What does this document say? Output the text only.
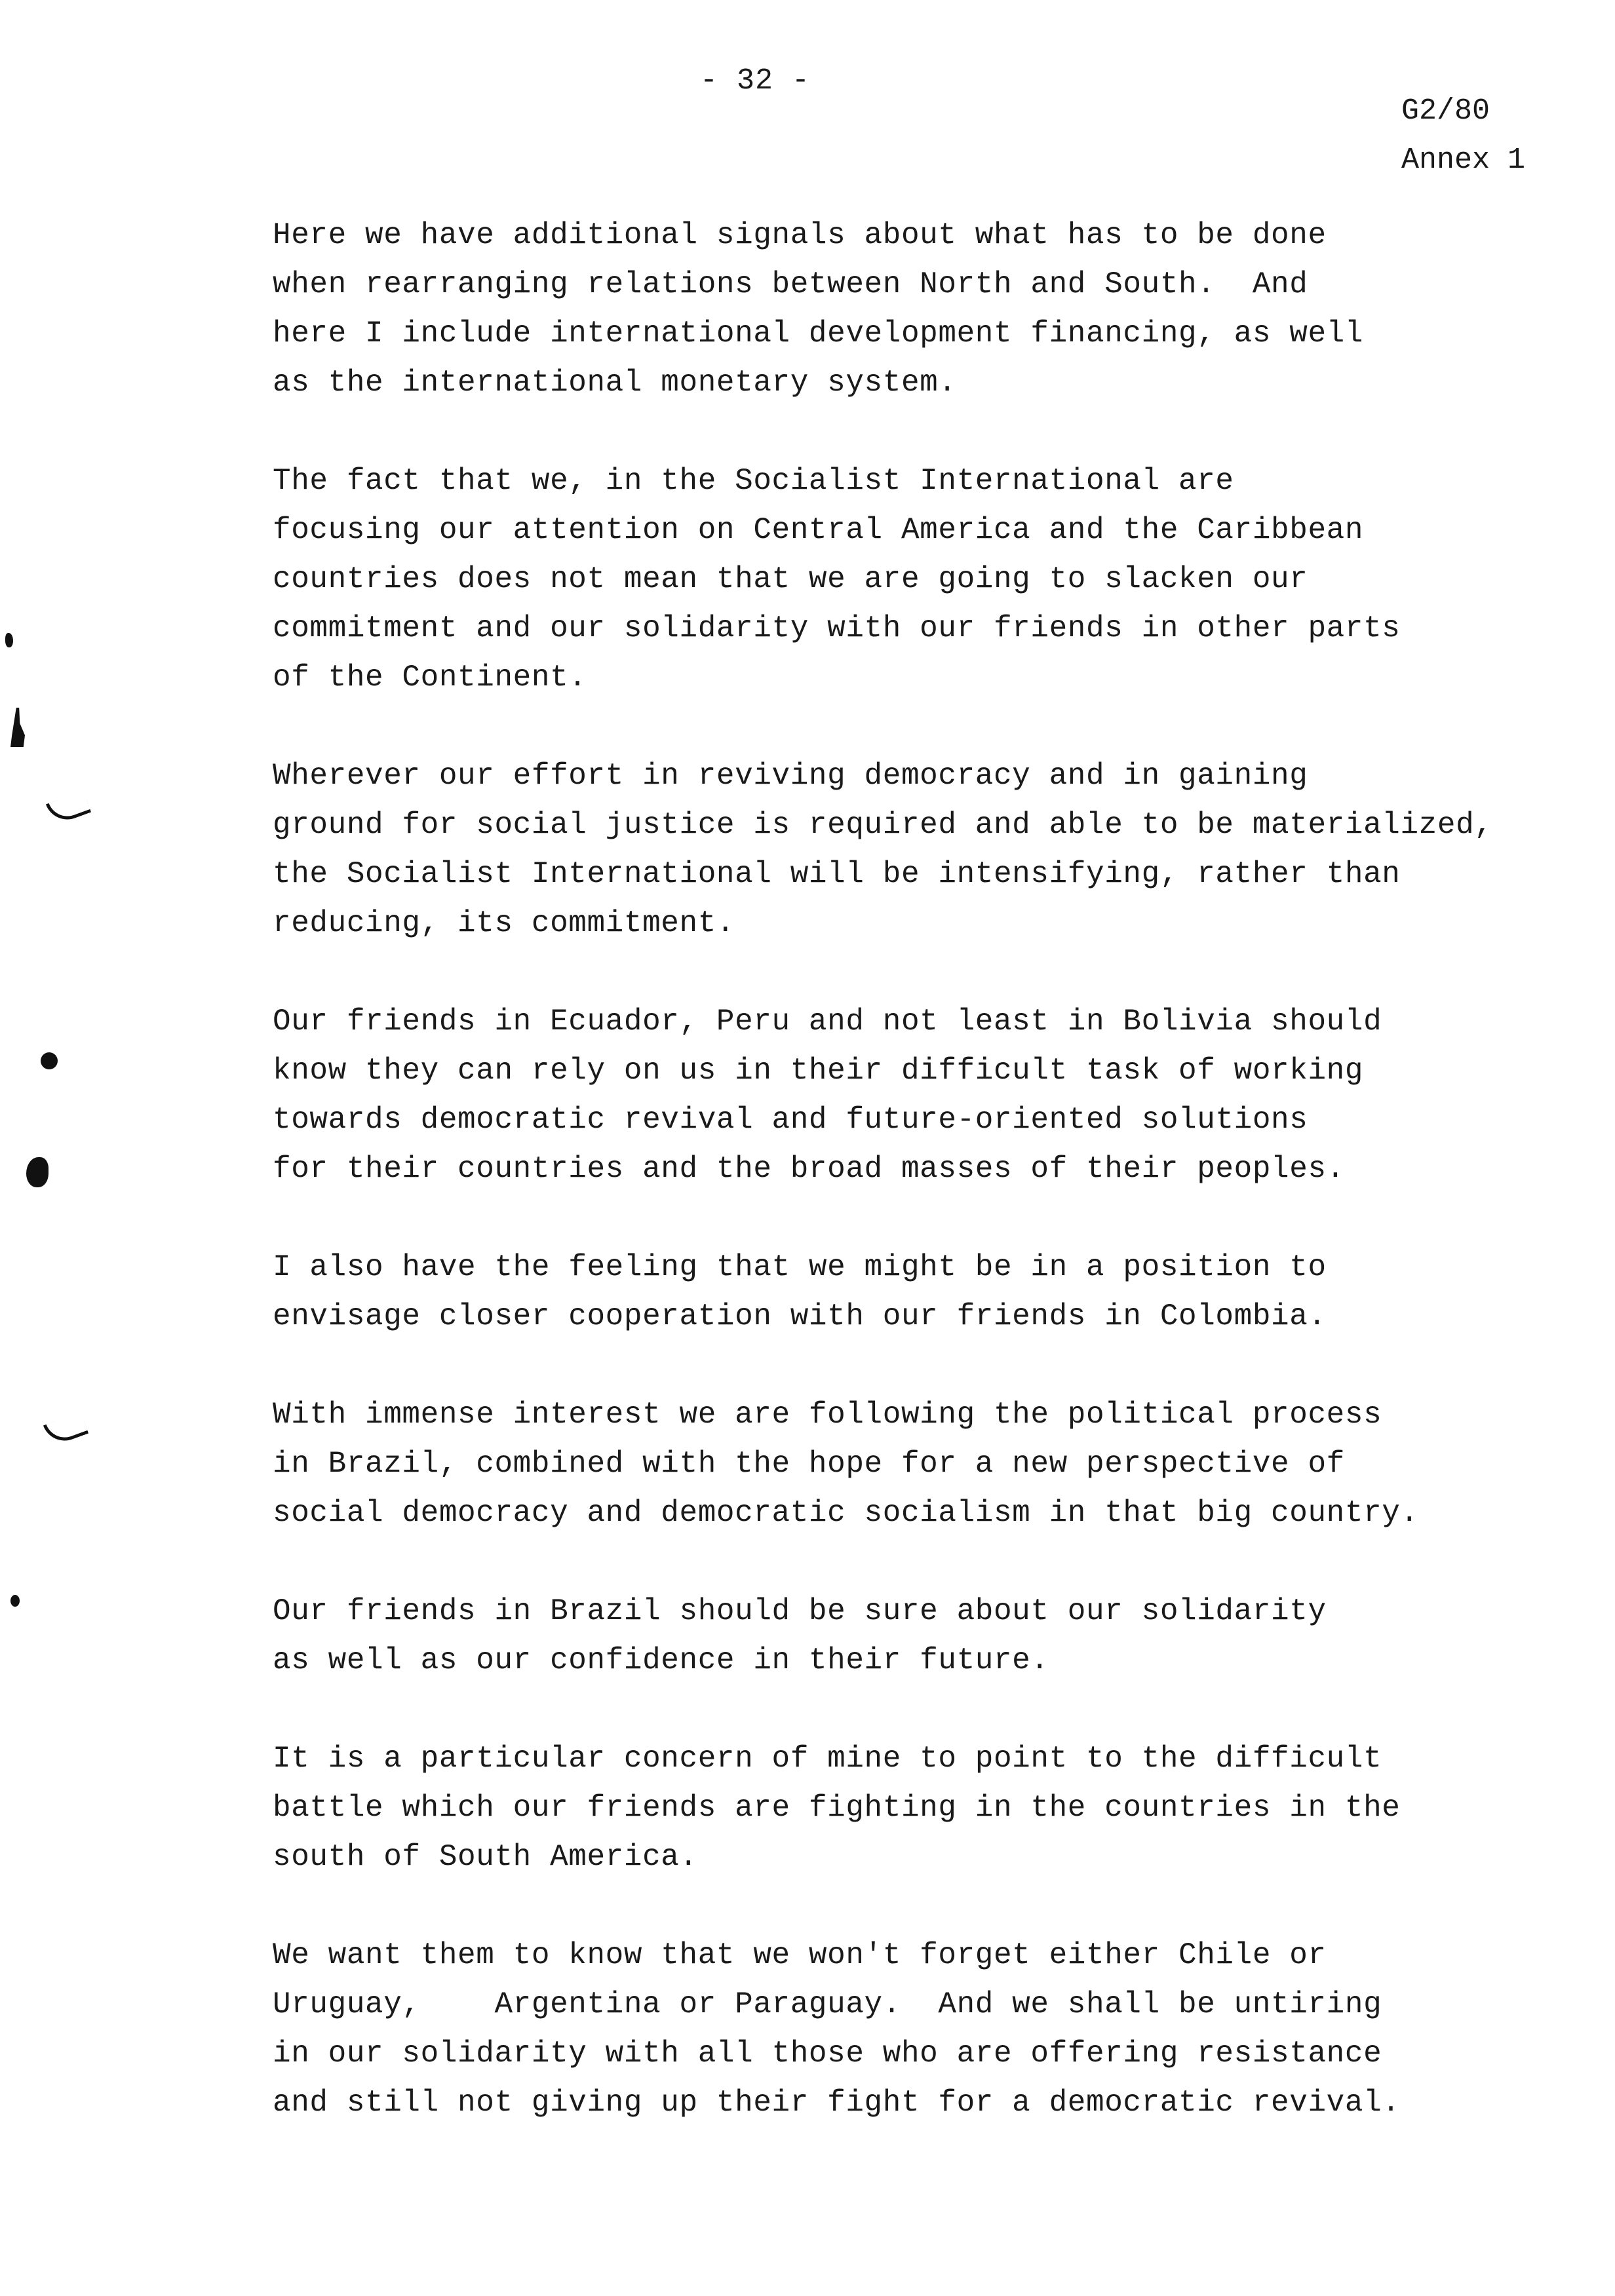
- 32 -
G2/80
Annex 1

Here we have additional signals about what has to be done
when rearranging relations between North and South.  And
here I include international development financing, as well
as the international monetary system.

The fact that we, in the Socialist International are
focusing our attention on Central America and the Caribbean
countries does not mean that we are going to slacken our
commitment and our solidarity with our friends in other parts
of the Continent.

Wherever our effort in reviving democracy and in gaining
ground for social justice is required and able to be materialized,
the Socialist International will be intensifying, rather than
reducing, its commitment.

Our friends in Ecuador, Peru and not least in Bolivia should
know they can rely on us in their difficult task of working
towards democratic revival and future-oriented solutions
for their countries and the broad masses of their peoples.

I also have the feeling that we might be in a position to
envisage closer cooperation with our friends in Colombia.

With immense interest we are following the political process
in Brazil, combined with the hope for a new perspective of
social democracy and democratic socialism in that big country.

Our friends in Brazil should be sure about our solidarity
as well as our confidence in their future.

It is a particular concern of mine to point to the difficult
battle which our friends are fighting in the countries in the
south of South America.

We want them to know that we won't forget either Chile or
Uruguay,    Argentina or Paraguay.  And we shall be untiring
in our solidarity with all those who are offering resistance
and still not giving up their fight for a democratic revival.
